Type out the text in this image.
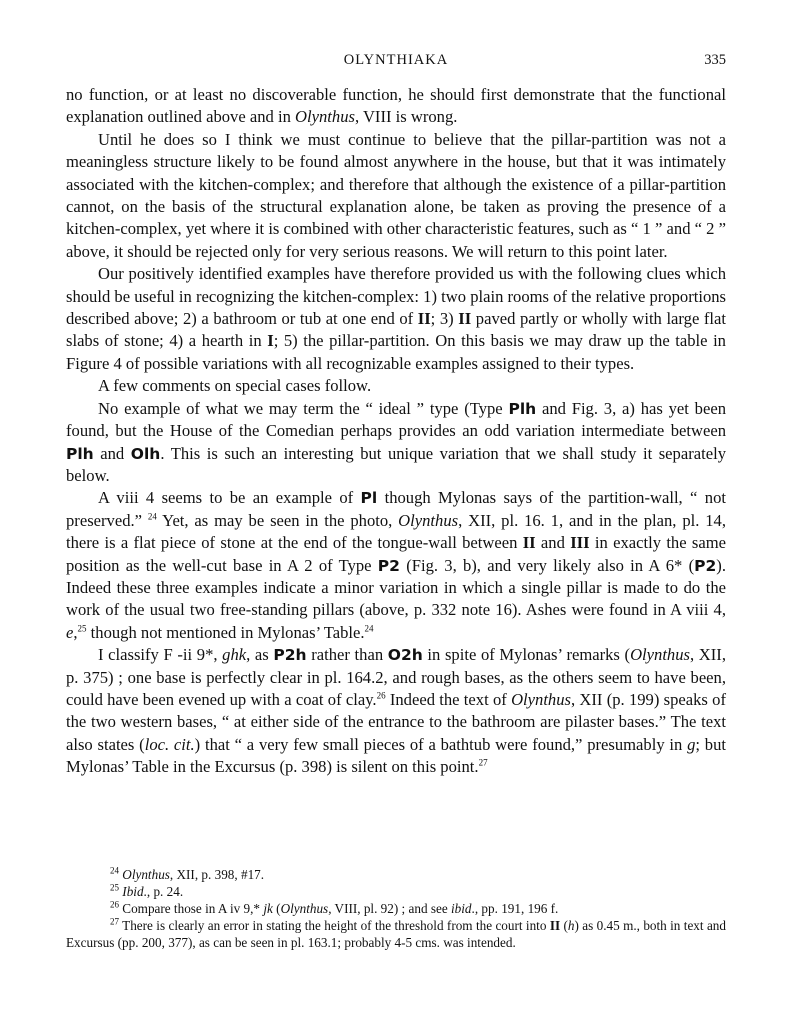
OLYNTHIAKA	335

no function, or at least no discoverable function, he should first demonstrate that the functional explanation outlined above and in Olynthus, VIII is wrong.

Until he does so I think we must continue to believe that the pillar-partition was not a meaningless structure likely to be found almost anywhere in the house, but that it was intimately associated with the kitchen-complex; and therefore that although the existence of a pillar-partition cannot, on the basis of the structural explanation alone, be taken as proving the presence of a kitchen-complex, yet where it is combined with other characteristic features, such as “ 1 ” and “ 2 ” above, it should be rejected only for very serious reasons. We will return to this point later.

Our positively identified examples have therefore provided us with the following clues which should be useful in recognizing the kitchen-complex: 1) two plain rooms of the relative proportions described above; 2) a bathroom or tub at one end of II; 3) II paved partly or wholly with large flat slabs of stone; 4) a hearth in I; 5) the pillar-partition. On this basis we may draw up the table in Figure 4 of possible variations with all recognizable examples assigned to their types.

A few comments on special cases follow.

No example of what we may term the “ ideal ” type (Type Plh and Fig. 3, a) has yet been found, but the House of the Comedian perhaps provides an odd variation intermediate between Plh and Olh. This is such an interesting but unique variation that we shall study it separately below.

A viii 4 seems to be an example of Pl though Mylonas says of the partition-wall, “ not preserved.” $^{24}$ Yet, as may be seen in the photo, Olynthus, XII, pl. 16. 1, and in the plan, pl. 14, there is a flat piece of stone at the end of the tongue-wall between II and III in exactly the same position as the well-cut base in A 2 of Type P2 (Fig. 3, b), and very likely also in A 6* (P2). Indeed these three examples indicate a minor variation in which a single pillar is made to do the work of the usual two free-standing pillars (above, p. 332 note 16). Ashes were found in A viii 4, e,$^{25}$ though not mentioned in Mylonas’ Table.$^{24}$

I classify F -ii 9*, ghk, as P2h rather than O2h in spite of Mylonas’ remarks (Olynthus, XII, p. 375) ; one base is perfectly clear in pl. 164.2, and rough bases, as the others seem to have been, could have been evened up with a coat of clay.$^{26}$ Indeed the text of Olynthus, XII (p. 199) speaks of the two western bases, “ at either side of the entrance to the bathroom are pilaster bases.” The text also states (loc. cit.) that “ a very few small pieces of a bathtub were found,” presumably in g; but Mylonas’ Table in the Excursus (p. 398) is silent on this point.$^{27}$

$^{24}$ Olynthus, XII, p. 398, #17.

$^{25}$ Ibid., p. 24.

$^{26}$ Compare those in A iv 9,* jk (Olynthus, VIII, pl. 92) ; and see ibid., pp. 191, 196 f.

$^{27}$ There is clearly an error in stating the height of the threshold from the court into II (h) as 0.45 m., both in text and Excursus (pp. 200, 377), as can be seen in pl. 163.1; probably 4-5 cms. was intended.
